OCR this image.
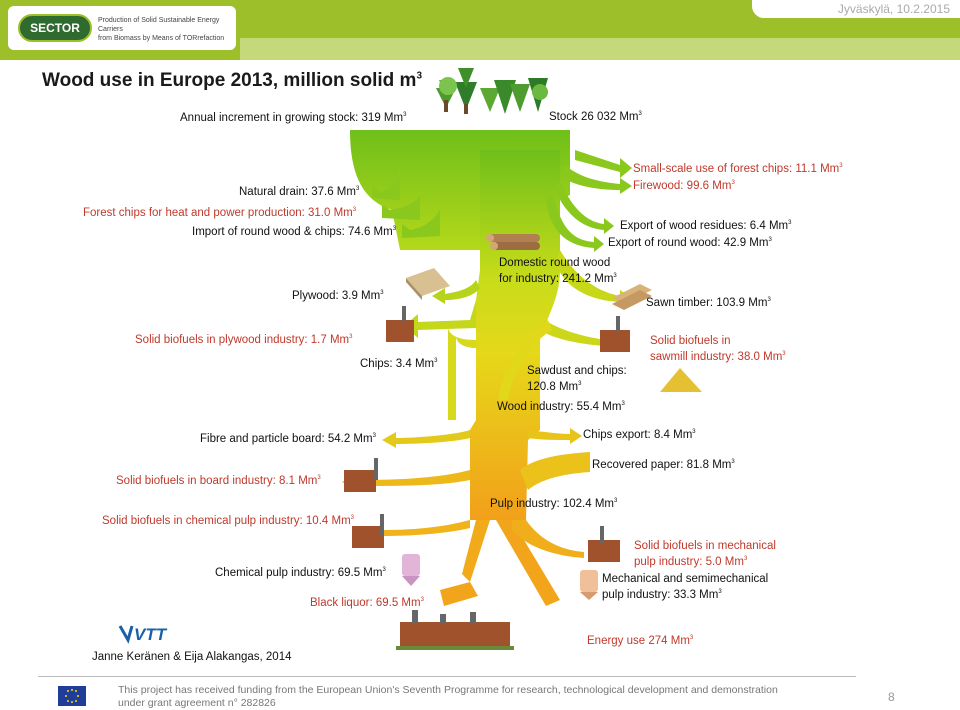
SECTOR
Production of Solid Sustainable Energy Carriers
from Biomass by Means of TORrefaction
Jyväskylä, 10.2.2015
Wood use in Europe 2013, million solid $m^3$
Annual increment in growing stock: 319 Mm$^3$	Stock 26 032 Mm$^3$
Natural drain: 37.6 Mm$^3$
Forest chips for heat and power production: 31.0 Mm$^3$
Import of round wood & chips: 74.6 Mm$^3$
Small-scale use of forest chips: 11.1 Mm$^3$
Firewood: 99.6 Mm$^3$
Export of wood residues: 6.4 Mm$^3$
Export of round wood: 42.9 Mm$^3$
Domestic round wood
for industry: 241.2 Mm$^3$
Plywood: 3.9 Mm$^3$
Sawn timber: 103.9 Mm$^3$
Solid biofuels in plywood industry: 1.7 Mm$^3$	Solid biofuels in
sawmill industry: 38.0 Mm$^3$
Chips: 3.4 Mm$^3$
Sawdust and chips:
120.8 Mm$^3$
Wood industry: 55.4 Mm$^3$
Fibre and particle board: 54.2 Mm$^3$	Chips export: 8.4 Mm$^3$
Recovered paper: 81.8 Mm$^3$
Solid biofuels in board industry: 8.1 Mm$^3$
Pulp industry: 102.4 Mm$^3$
Solid biofuels in chemical pulp industry: 10.4 Mm$^3$
Solid biofuels in mechanical
pulp industry: 5.0 Mm$^3$
Chemical pulp industry: 69.5 Mm$^3$
Mechanical and semimechanical
pulp industry: 33.3 Mm$^3$
Black liquor: 69.5 Mm$^3$
Energy use 274 Mm$^3$
VTT
Janne Keränen & Eija Alakangas, 2014
This project has received funding from the European Union's Seventh Programme for research, technological development and demonstration
under grant agreement n° 282826	8
